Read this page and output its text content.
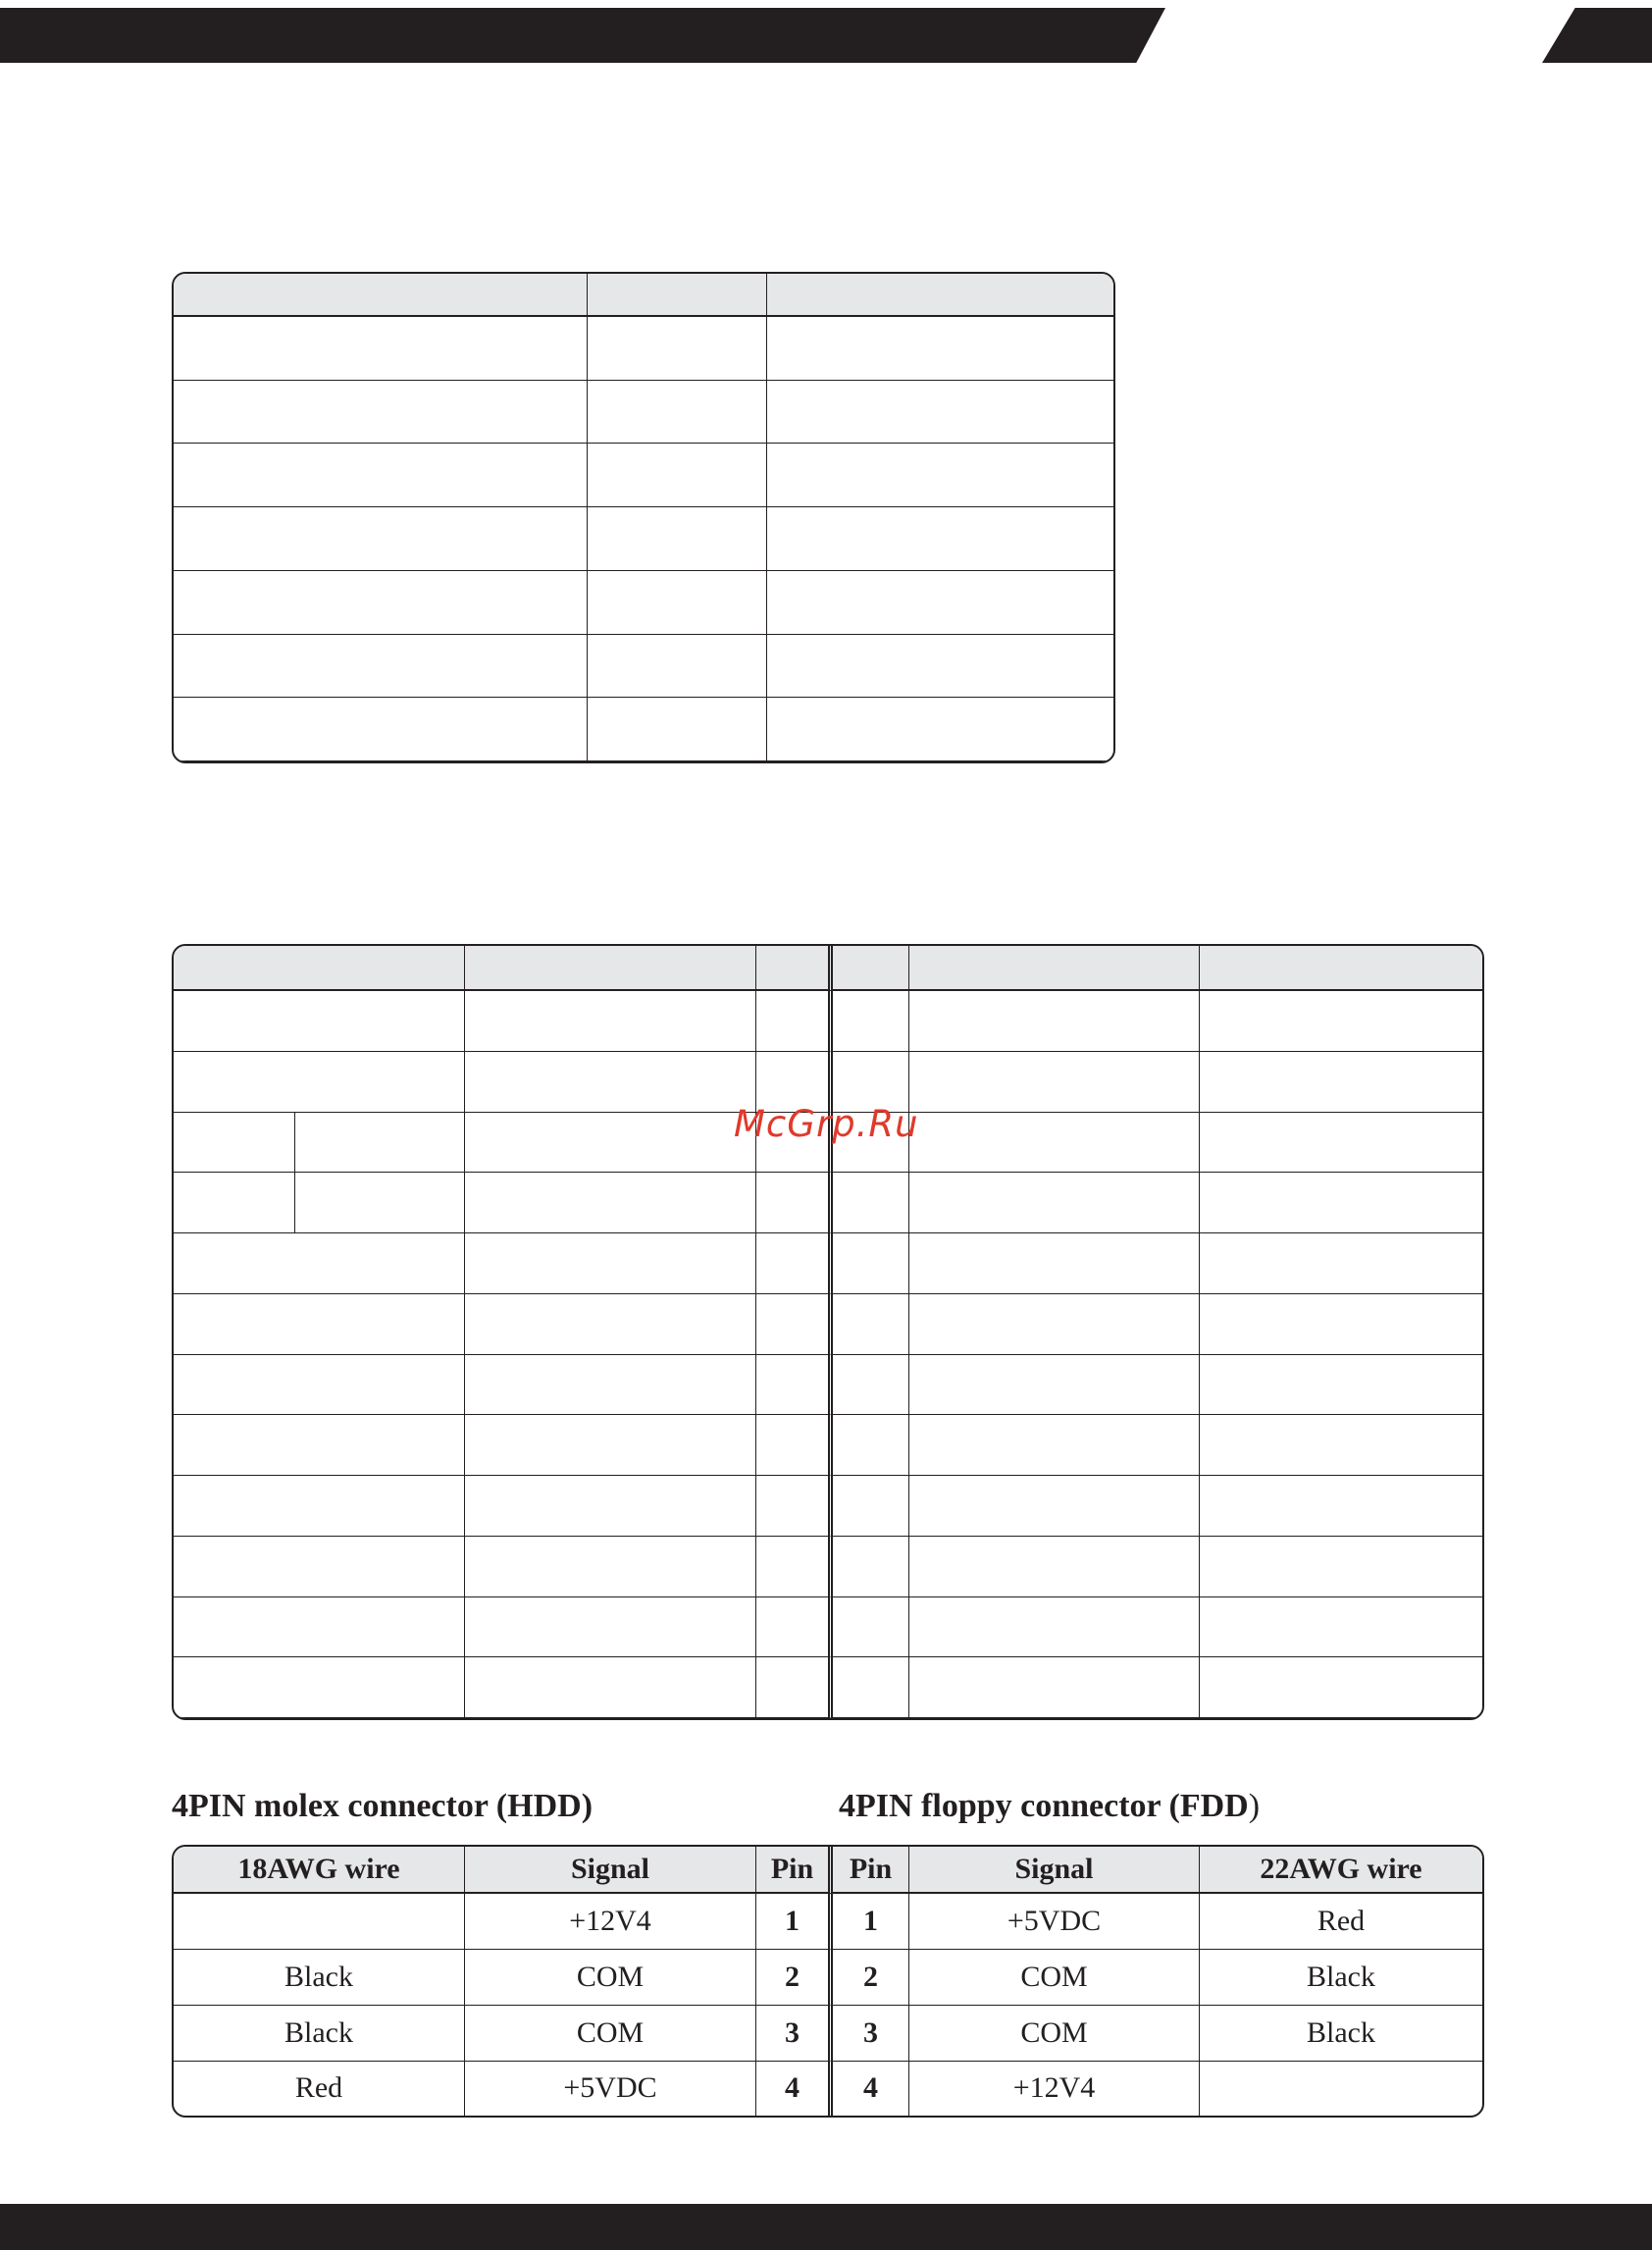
McGrp.Ru
4PIN molex connector (HDD)	4PIN floppy connector (FDD)
18AWG wire	Signal	Pin	Pin	Signal	22AWG wire
	+12V4	1	1	+5VDC	Red
Black	COM	2	2	COM	Black
Black	COM	3	3	COM	Black
Red	+5VDC	4	4	+12V4	
